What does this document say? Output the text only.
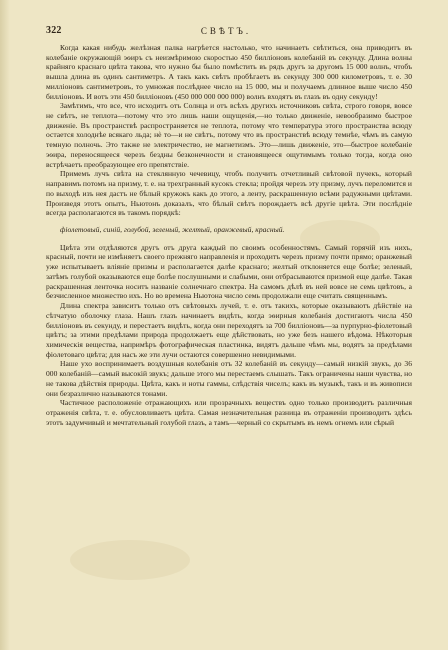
322	СВѢТЪ.

Когда какая нибудь желѣзная палка нагрѣется настолько, что начинаетъ свѣтиться, она приводитъ въ колебаніе окружающій эѳиръ съ неизмѣримою скоростью 450 билліоновъ колебаній въ секунду. Длина волны крайняго краснаго цвѣта такова, что нужно бы было помѣстить въ рядъ другъ за другомъ 15 000 волнъ, чтобъ вышла длина въ одинъ сантиметръ. А такъ какъ свѣтъ пробѣгаетъ въ секунду 300 000 километровъ, т. е. 30 милліоновъ сантиметровъ, то умножая послѣднее число на 15 000, мы и получаемъ длинное выше число 450 билліоновъ. И вотъ эти 450 билліоновъ (450 000 000 000 000) волнъ входятъ въ глазъ въ одну секунду!

Замѣтимъ, что все, что исходитъ отъ Солнца и отъ всѣхъ другихъ источниковъ свѣта, строго говоря, вовсе не свѣтъ, не теплота—потому что это лишь наши ощущенія,—но только движеніе, невообразимо быстрое движеніе. Въ пространствѣ распространяется не теплота, потому что температура этого пространства всюду остается холоднѣе всякаго льда; нѐ то—и не свѣтъ, потому что въ пространствѣ всюду темнѣе, чѣмъ въ самую темную полночь. Это также не электричество, не магнетизмъ. Это—лишь движеніе, это—быстрое колебаніе эѳира, переносящееся черезъ бездны безконечности и становящееся ощутимымъ только тогда, когда оно встрѣчаетъ преобразующее его препятствіе.

Примемъ лучъ свѣта на стеклянную чечевицу, чтобъ получить отчетливый свѣтовой пучекъ, который направимъ потомъ на призму, т. е. на трехгранный кусокъ стекла; пройдя черезъ эту призму, лучъ переломится и по выходѣ изъ нея дастъ не бѣлый кружокъ какъ до этого, а ленту, раскрашенную всѣми радужными цвѣтами. Произведя этотъ опытъ, Ньютонъ доказалъ, что бѣлый свѣтъ порождаетъ всѣ другіе цвѣта. Эти послѣдніе всегда располагаются въ такомъ порядкѣ:

фіолетовый, синій, голубой, зеленый, желтый, оранжевый, красный.

Цвѣта эти отдѣляются другъ отъ друга каждый по своимъ особенностямъ. Самый горячій изъ нихъ, красный, почти не измѣняетъ своего прежняго направленія и проходитъ черезъ призму почти прямо; оранжевый уже испытываетъ вліяніе призмы и располагается далѣе краснаго; желтый отклоняется еще болѣе; зеленый, затѣмъ голубой оказываются еще болѣе послушными и слабыми, они отбрасываются призмой еще далѣе. Такая раскрашенная ленточка носитъ названіе солнечнаго спектра. На самомъ дѣлѣ въ ней вовсе не семь цвѣтовъ, а безчисленное множество ихъ. Но во времена Ньютона число семь продолжали еще считать священнымъ.

Длина спектра зависитъ только отъ свѣтовыхъ лучей, т. е. отъ такихъ, которые оказываютъ дѣйствіе на сѣтчатую оболочку глаза. Нашъ глазъ начинаетъ видѣть, когда эѳирныя колебанія достигаютъ числа 450 билліоновъ въ секунду, и перестаетъ видѣть, когда они переходятъ за 700 билліоновъ—за пурпурно-фіолетовый цвѣтъ; за этими предѣлами природа продолжаетъ еще дѣйствовать, но уже безъ нашего вѣдома. Нѣкоторыя химическія вещества, напримѣръ фотографическая пластинка, видятъ дальше чѣмъ мы, водятъ за предѣлами фіолетоваго цвѣта; для насъ же эти лучи остаются совершенно невидимыми.

Наше ухо воспринимаетъ воздушныя колебанія отъ 32 колебаній въ секунду—самый низкій звукъ, до 36 000 колебаній—самый высокій звукъ; дальше этого мы перестаемъ слышать. Такъ ограничены наши чувства, но не такова дѣйствія природы. Цвѣта, какъ и ноты гаммы, слѣдствія чиселъ; какъ въ музыкѣ, такъ и въ живописи они безразлично называются тонами.

Частичное расположеніе отражающихъ или прозрачныхъ веществъ одно только производитъ различныя отраженія свѣта, т. е. обусловливаетъ цвѣта. Самая незначительная разница въ отраженіи производитъ здѣсь этотъ задумчивый и мечтательный голубой глазъ, а тамъ—черный со скрытымъ въ немъ огнемъ или сѣрый
